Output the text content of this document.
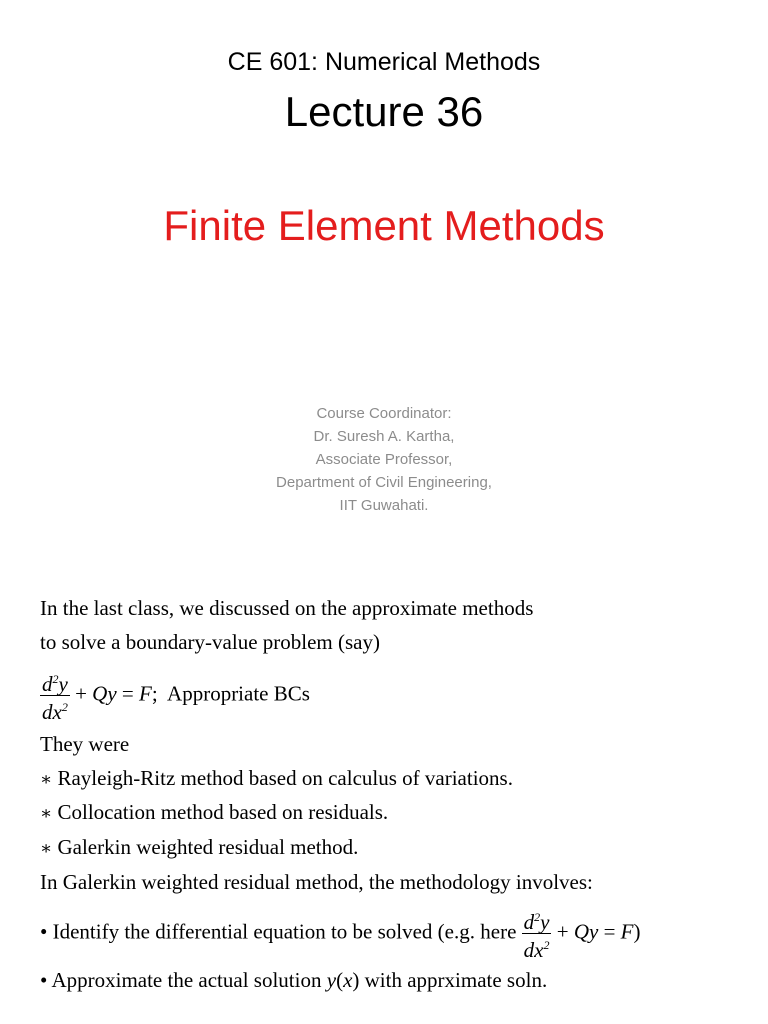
CE 601: Numerical Methods
Lecture 36
Finite Element Methods
Course Coordinator:
Dr. Suresh A. Kartha,
Associate Professor,
Department of Civil Engineering,
IIT Guwahati.
In the last class, we discussed on the approximate methods
to solve a boundary-value problem (say)
$\frac{d^2y}{dx^2} + Qy = F$;  Appropriate BCs
They were
∗ Rayleigh-Ritz method based on calculus of variations.
∗ Collocation method based on residuals.
∗ Galerkin weighted residual method.
In Galerkin weighted residual method, the methodology involves:
• Identify the differential equation to be solved (e.g. here $\frac{d^2y}{dx^2} + Qy = F$)
• Approximate the actual solution y(x) with apprximate soln.
